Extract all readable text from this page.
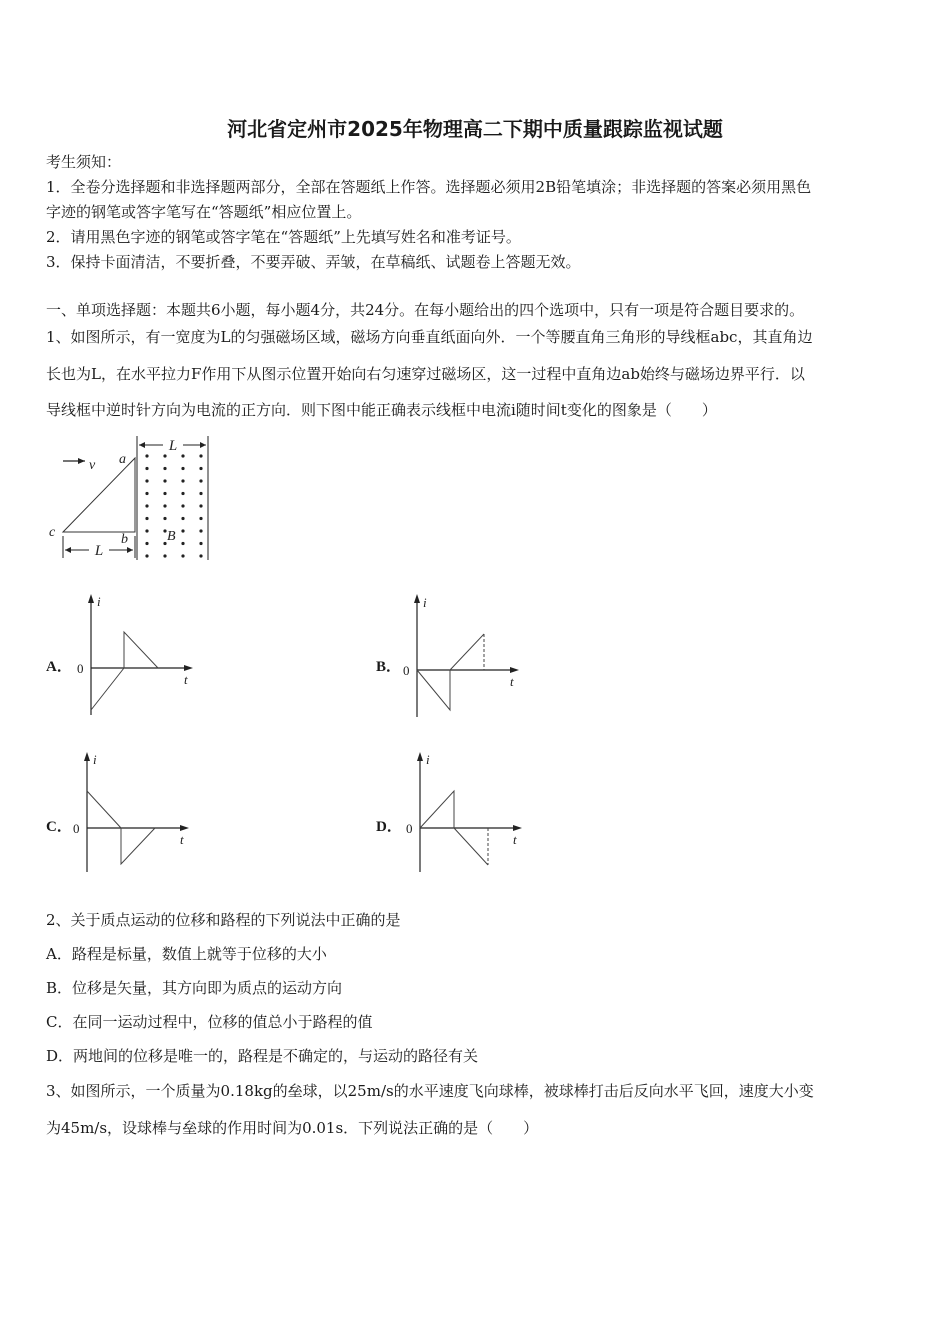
河北省定州市2025年物理高二下期中质量跟踪监视试题
考生须知：
1．全卷分选择题和非选择题两部分，全部在答题纸上作答。选择题必须用2B铅笔填涂；非选择题的答案必须用黑色
字迹的钢笔或答字笔写在“答题纸”相应位置上。
2．请用黑色字迹的钢笔或答字笔在“答题纸”上先填写姓名和准考证号。
3．保持卡面清洁，不要折叠，不要弄破、弄皱，在草稿纸、试题卷上答题无效。
一、单项选择题：本题共6小题，每小题4分，共24分。在每小题给出的四个选项中，只有一项是符合题目要求的。
1、如图所示，有一宽度为L的匀强磁场区域，磁场方向垂直纸面向外．一个等腰直角三角形的导线框abc，其直角边
长也为L，在水平拉力F作用下从图示位置开始向右匀速穿过磁场区，这一过程中直角边ab始终与磁场边界平行．以
导线框中逆时针方向为电流的正方向．则下图中能正确表示线框中电流i随时间t变化的图象是（　　）
L
v a
b
c	B
L
A．
i
t
0	B．
i
t
0
C．
i
t
0	D．
i
t
0
2、关于质点运动的位移和路程的下列说法中正确的是
A．路程是标量，数值上就等于位移的大小
B．位移是矢量，其方向即为质点的运动方向
C．在同一运动过程中，位移的值总小于路程的值
D．两地间的位移是唯一的，路程是不确定的，与运动的路径有关
3、如图所示，一个质量为0.18kg的垒球，以25m/s的水平速度飞向球棒，被球棒打击后反向水平飞回，速度大小变
为45m/s，设球棒与垒球的作用时间为0.01s．下列说法正确的是（　　）
